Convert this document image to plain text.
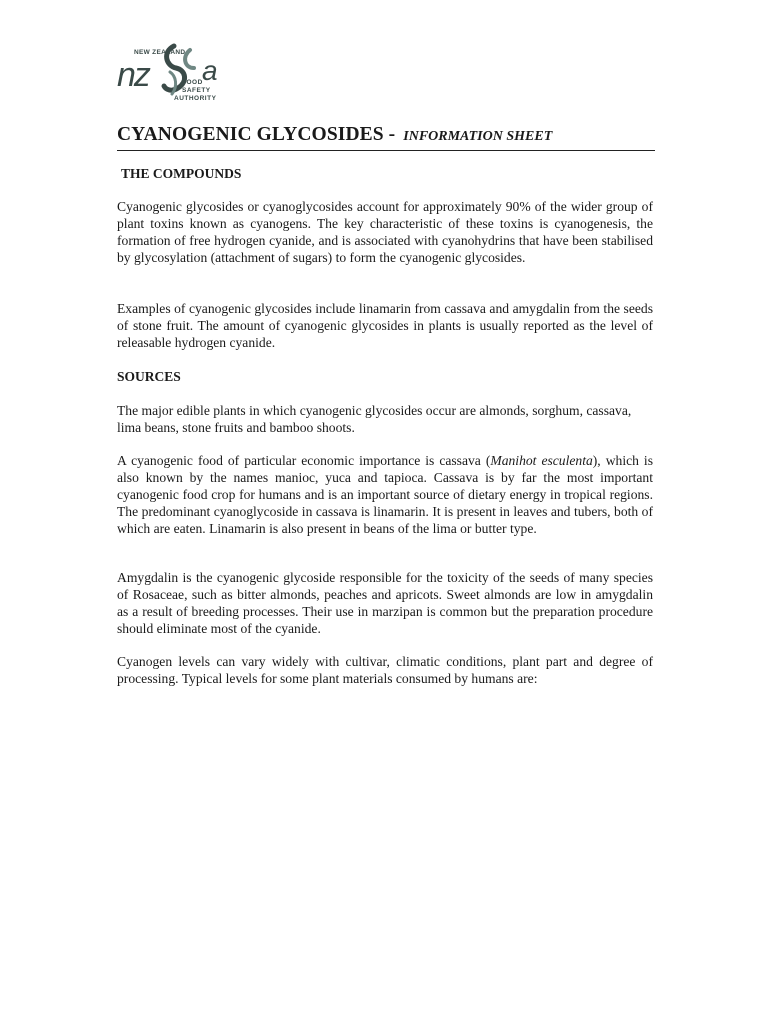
nz a
NEW ZEALAND
FOOD
SAFETY
AUTHORITY
CYANOGENIC GLYCOSIDES - INFORMATION SHEET
THE COMPOUNDS
Cyanogenic glycosides or cyanoglycosides account for approximately 90% of the wider group of plant toxins known as cyanogens. The key characteristic of these toxins is cyanogenesis, the formation of free hydrogen cyanide, and is associated with cyanohydrins that have been stabilised by glycosylation (attachment of sugars) to form the cyanogenic glycosides.
Examples of cyanogenic glycosides include linamarin from cassava and amygdalin from the seeds of stone fruit. The amount of cyanogenic glycosides in plants is usually reported as the level of releasable hydrogen cyanide.
SOURCES
The major edible plants in which cyanogenic glycosides occur are almonds, sorghum, cassava, lima beans, stone fruits and bamboo shoots.
A cyanogenic food of particular economic importance is cassava (Manihot esculenta), which is also known by the names manioc, yuca and tapioca. Cassava is by far the most important cyanogenic food crop for humans and is an important source of dietary energy in tropical regions. The predominant cyanoglycoside in cassava is linamarin. It is present in leaves and tubers, both of which are eaten. Linamarin is also present in beans of the lima or butter type.
Amygdalin is the cyanogenic glycoside responsible for the toxicity of the seeds of many species of Rosaceae, such as bitter almonds, peaches and apricots. Sweet almonds are low in amygdalin as a result of breeding processes. Their use in marzipan is common but the preparation procedure should eliminate most of the cyanide.
Cyanogen levels can vary widely with cultivar, climatic conditions, plant part and degree of processing. Typical levels for some plant materials consumed by humans are:
